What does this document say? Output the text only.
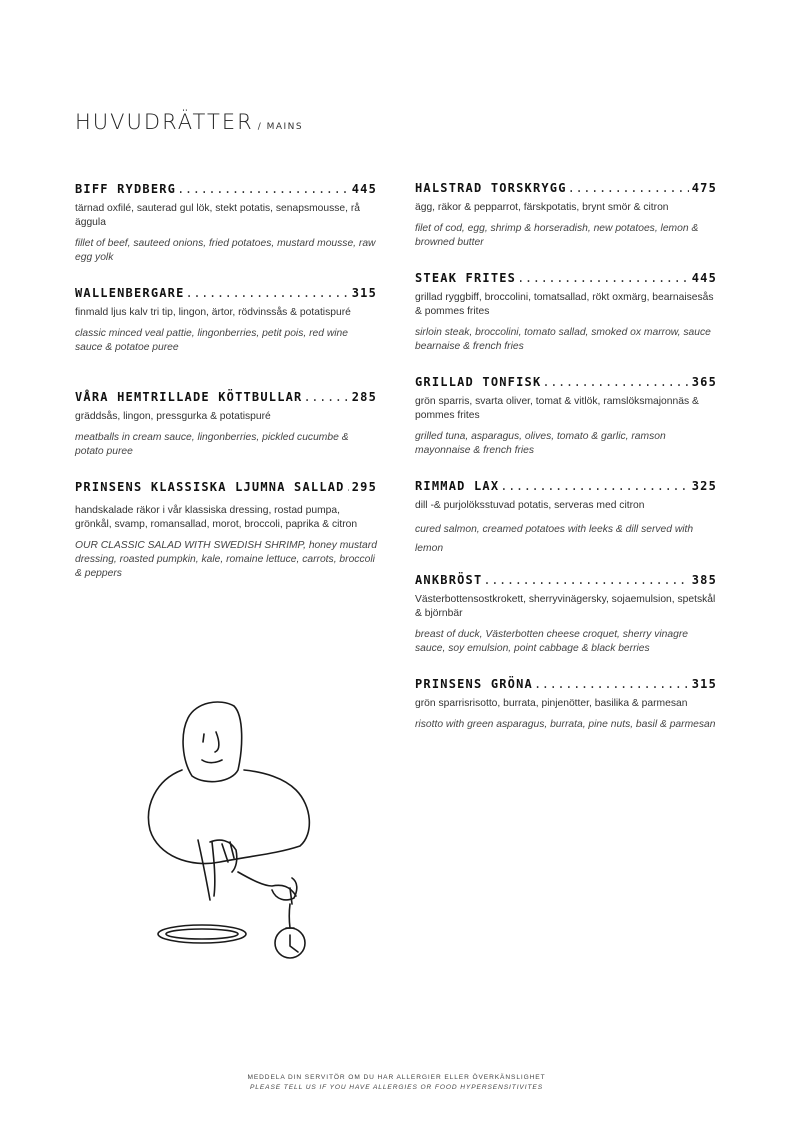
HUVUDRÄTTER / MAINS
BIFF RYDBERG .....	445
tärnad oxfilé, sauterad gul lök, stekt potatis, senapsmousse, rå äggula
fillet of beef, sauteed onions, fried potatoes, mustard mousse, raw egg yolk
WALLENBERGARE .....	315
finmald ljus kalv tri tip, lingon, ärtor, rödvinssås & potatispuré
classic minced veal pattie, lingonberries, petit pois, red wine sauce & potatoe puree
VÅRA HEMTRILLADE KÖTTBULLAR .....	285
gräddsås, lingon, pressgurka & potatispuré
meatballs in cream sauce, lingonberries, pickled cucumbe & potato puree
PRINSENS KLASSISKA LJUMNA SALLAD ..... 295
handskalade räkor i vår klassiska dressing, rostad pumpa, grönkål, svamp, romansallad, morot, broccoli, paprika & citron
OUR CLASSIC SALAD WITH SWEDISH SHRIMP, honey mustard dressing, roasted pumpkin, kale, romaine lettuce, carrots, broccoli & peppers
HALSTRAD TORSKRYGG .....	475
ägg, räkor & pepparrot, färskpotatis, brynt smör & citron
filet of cod, egg, shrimp & horseradish, new potatoes, lemon & browned butter
STEAK FRITES .....	445
grillad ryggbiff, broccolini, tomatsallad, rökt oxmärg, bearnaisesås & pommes frites
sirloin steak, broccolini, tomato sallad, smoked ox marrow, sauce bearnaise & french fries
GRILLAD TONFISK .....	365
grön sparris, svarta oliver, tomat & vitlök, ramslöksmajonnäs & pommes frites
grilled tuna, asparagus, olives, tomato & garlic, ramson mayonnaise & french fries
RIMMAD LAX .....	325
dill -& purjolöksstuvad potatis, serveras med citron
cured salmon, creamed potatoes with leeks & dill served with lemon
ANKBRÖST .....	385
Västerbottensostkrokett, sherryvinägersky, sojaemulsion, spetskål & björnbär
breast of duck, Västerbotten cheese croquet, sherry vinagre sauce, soy emulsion, point cabbage & black berries
PRINSENS GRÖNA .....	315
grön sparrisrisotto, burrata, pinjenötter, basilika & parmesan
risotto with green asparagus, burrata, pine nuts, basil & parmesan
MEDDELA DIN SERVITÖR OM DU HAR ALLERGIER ELLER ÖVERKÄNSLIGHET
PLEASE TELL US IF YOU HAVE ALLERGIES OR FOOD HYPERSENSITIVITES
